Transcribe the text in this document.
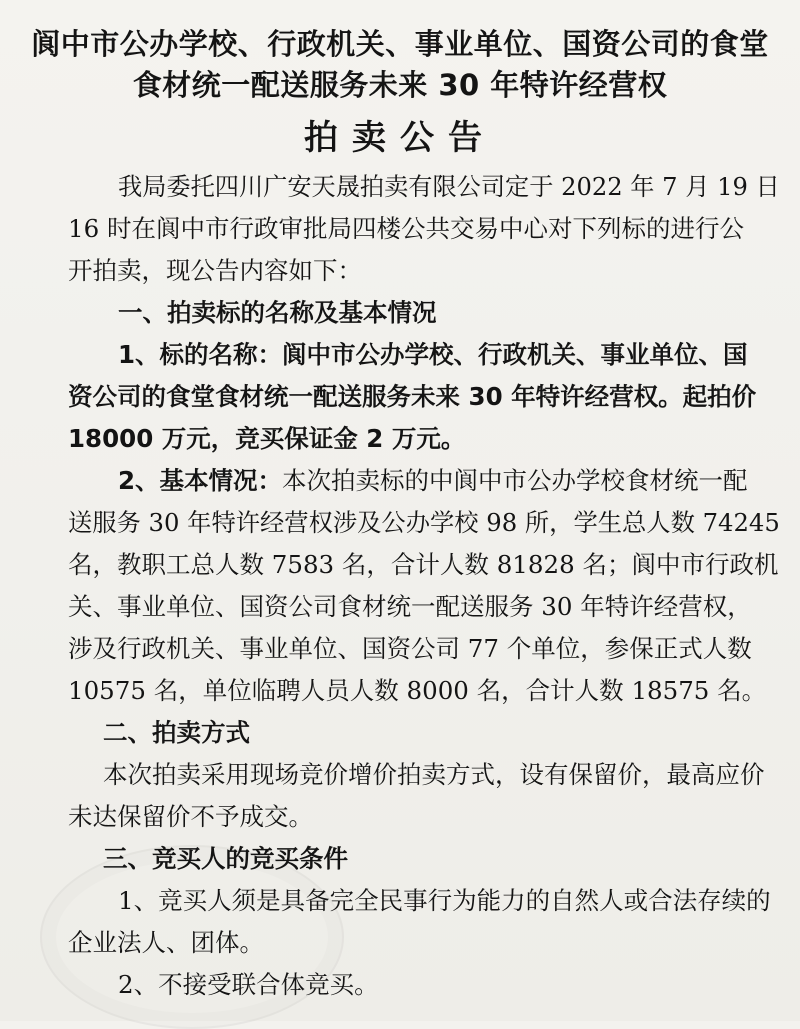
阆中市公办学校、行政机关、事业单位、国资公司的食堂
食材统一配送服务未来 30 年特许经营权
拍卖公告

我局委托四川广安天晟拍卖有限公司定于 2022 年 7 月 19 日

16 时在阆中市行政审批局四楼公共交易中心对下列标的进行公

开拍卖，现公告内容如下：

一、拍卖标的名称及基本情况

1、标的名称：阆中市公办学校、行政机关、事业单位、国

资公司的食堂食材统一配送服务未来 30 年特许经营权。起拍价

18000 万元，竞买保证金 2 万元。

2、基本情况：本次拍卖标的中阆中市公办学校食材统一配

送服务 30 年特许经营权涉及公办学校 98 所，学生总人数 74245

名，教职工总人数 7583 名，合计人数 81828 名；阆中市行政机

关、事业单位、国资公司食材统一配送服务 30 年特许经营权，

涉及行政机关、事业单位、国资公司 77 个单位，参保正式人数

10575 名，单位临聘人员人数 8000 名，合计人数 18575 名。

二、拍卖方式

本次拍卖采用现场竞价增价拍卖方式，设有保留价，最高应价

未达保留价不予成交。

三、竞买人的竞买条件

1、竞买人须是具备完全民事行为能力的自然人或合法存续的

企业法人、团体。

2、不接受联合体竞买。
